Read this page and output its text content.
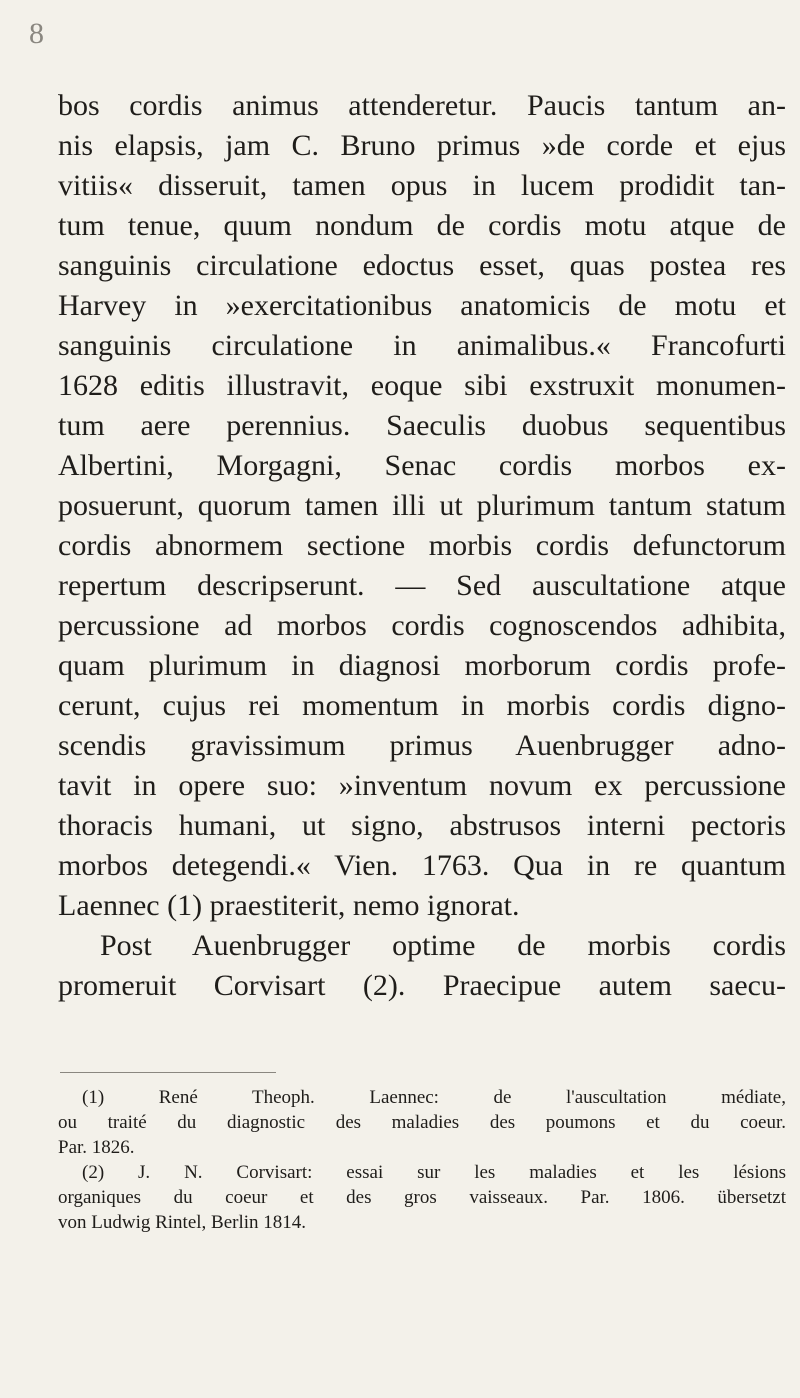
8
bos cordis animus attenderetur. Paucis tantum an-
nis elapsis, jam C. Bruno primus »de corde et ejus
vitiis« disseruit, tamen opus in lucem prodidit tan-
tum tenue, quum nondum de cordis motu atque de
sanguinis circulatione edoctus esset, quas postea res
Harvey in »exercitationibus anatomicis de motu et
sanguinis circulatione in animalibus.« Francofurti
1628 editis illustravit, eoque sibi exstruxit monumen-
tum aere perennius. Saeculis duobus sequentibus
Albertini, Morgagni, Senac cordis morbos ex-
posuerunt, quorum tamen illi ut plurimum tantum statum
cordis abnormem sectione morbis cordis defunctorum
repertum descripserunt. — Sed auscultatione atque
percussione ad morbos cordis cognoscendos adhibita,
quam plurimum in diagnosi morborum cordis profe-
cerunt, cujus rei momentum in morbis cordis digno-
scendis gravissimum primus Auenbrugger adno-
tavit in opere suo: »inventum novum ex percussione
thoracis humani, ut signo, abstrusos interni pectoris
morbos detegendi.« Vien. 1763. Qua in re quantum
Laennec (1) praestiterit, nemo ignorat.
Post Auenbrugger optime de morbis cordis
promeruit Corvisart (2). Praecipue autem saecu-
(1) René Theoph. Laennec: de l'auscultation médiate,
ou traité du diagnostic des maladies des poumons et du coeur.
Par. 1826.
(2) J. N. Corvisart: essai sur les maladies et les lésions
organiques du coeur et des gros vaisseaux. Par. 1806. übersetzt
von Ludwig Rintel, Berlin 1814.
